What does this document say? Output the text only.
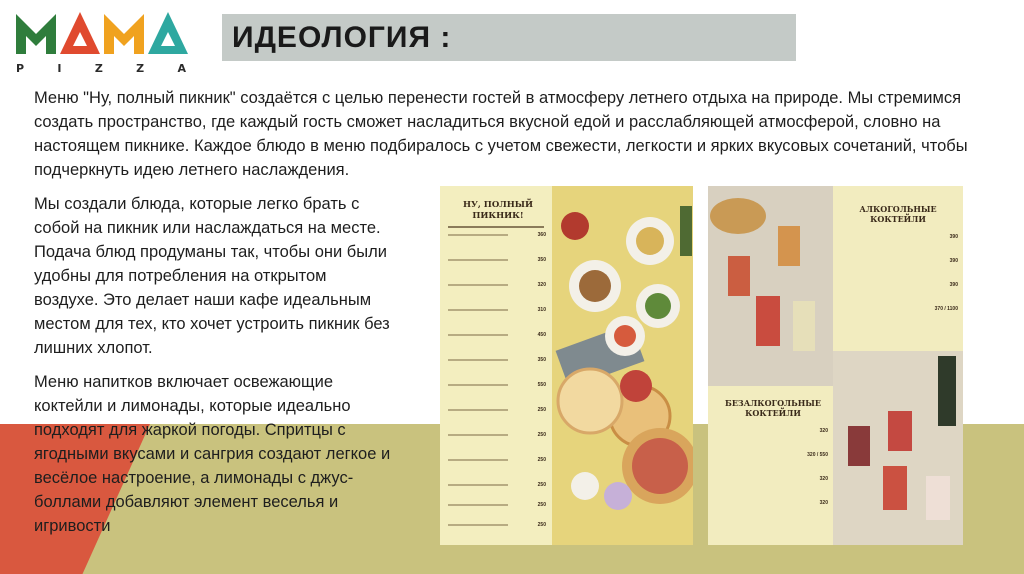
P	I	Z	Z	A
ИДЕОЛОГИЯ :
Меню "Ну, полный пикник" создаётся с целью перенести гостей в атмосферу летнего отдыха на природе. Мы стремимся создать пространство, где каждый гость сможет насладиться вкусной едой и расслабляющей атмосферой, словно на настоящем пикнике. Каждое блюдо в меню подбиралось с учетом свежести, легкости и ярких вкусовых сочетаний, чтобы подчеркнуть идею летнего наслаждения.

Мы создали блюда, которые легко брать с собой на пикник или наслаждаться на месте. Подача блюд продуманы так, чтобы они были удобны для потребления на открытом воздухе. Это делает наши кафе идеальным местом для тех, кто хочет устроить пикник без лишних хлопот.

Меню напитков включает освежающие коктейли и лимонады, которые идеально подходят для жаркой погоды. Спритцы с ягодными вкусами и сангрия создают легкое и весёлое настроение, а лимонады с джус-боллами добавляют элемент веселья и игривости

НУ, ПОЛНЫЙ
ПИКНИК!
360
350
320
310
450
350
550
250
250
250
250
250
250
АЛКОГОЛЬНЫЕ
КОКТЕЙЛИ
390
390
390
370 / 1100
БЕЗАЛКОГОЛЬНЫЕ
КОКТЕЙЛИ
320
320 / 550
320
320
